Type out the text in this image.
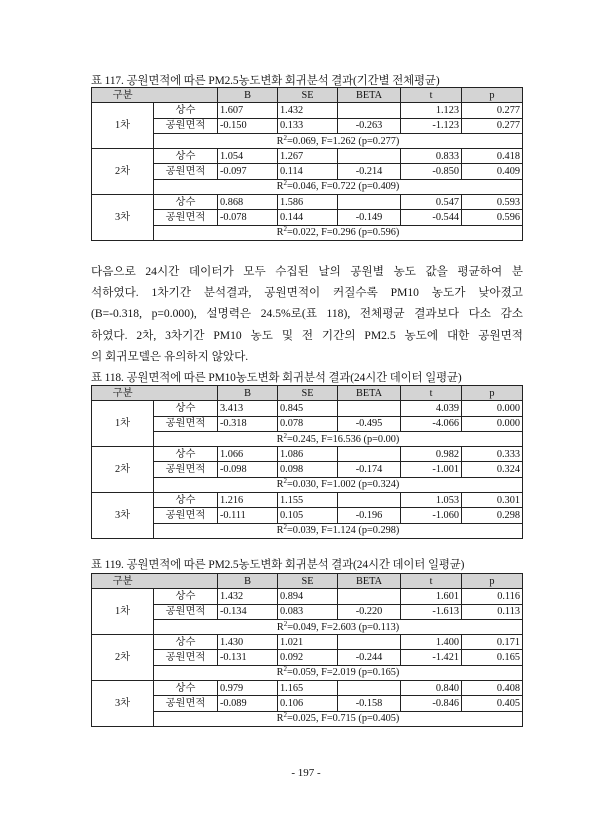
표 117. 공원면적에 따른 PM2.5농도변화 회귀분석 결과(기간별 전체평균)
구분		B	SE	BETA	t	p
1차	상수	1.607	1.432		1.123	0.277
	공원면적	-0.150	0.133	-0.263	-1.123	0.277
	$R^2=0.069$, F=1.262 (p=0.277)					
2차	상수	1.054	1.267		0.833	0.418
	공원면적	-0.097	0.114	-0.214	-0.850	0.409
	$R^2=0.046$, F=0.722 (p=0.409)					
3차	상수	0.868	1.586		0.547	0.593
	공원면적	-0.078	0.144	-0.149	-0.544	0.596
	$R^2=0.022$, F=0.296 (p=0.596)					
다음으로 24시간 데이터가 모두 수집된 날의 공원별 농도 값을 평균하여 분
석하였다. 1차기간 분석결과, 공원면적이 커질수록 PM10 농도가 낮아졌고
(B=-0.318, p=0.000), 설명력은 24.5%로(표 118), 전체평균 결과보다 다소 감소
하였다. 2차, 3차기간 PM10 농도 및 전 기간의 PM2.5 농도에 대한 공원면적
의 회귀모델은 유의하지 않았다.
표 118. 공원면적에 따른 PM10농도변화 회귀분석 결과(24시간 데이터 일평균)
구분		B	SE	BETA	t	p
1차	상수	3.413	0.845		4.039	0.000
	공원면적	-0.318	0.078	-0.495	-4.066	0.000
	$R^2=0.245$, F=16.536 (p=0.00)					
2차	상수	1.066	1.086		0.982	0.333
	공원면적	-0.098	0.098	-0.174	-1.001	0.324
	$R^2=0.030$, F=1.002 (p=0.324)					
3차	상수	1.216	1.155		1.053	0.301
	공원면적	-0.111	0.105	-0.196	-1.060	0.298
	$R^2=0.039$, F=1.124 (p=0.298)					
표 119. 공원면적에 따른 PM2.5농도변화 회귀분석 결과(24시간 데이터 일평균)
구분		B	SE	BETA	t	p
1차	상수	1.432	0.894		1.601	0.116
	공원면적	-0.134	0.083	-0.220	-1.613	0.113
	$R^2=0.049$, F=2.603 (p=0.113)					
2차	상수	1.430	1.021		1.400	0.171
	공원면적	-0.131	0.092	-0.244	-1.421	0.165
	$R^2=0.059$, F=2.019 (p=0.165)					
3차	상수	0.979	1.165		0.840	0.408
	공원면적	-0.089	0.106	-0.158	-0.846	0.405
	$R^2=0.025$, F=0.715 (p=0.405)					
- 197 -
